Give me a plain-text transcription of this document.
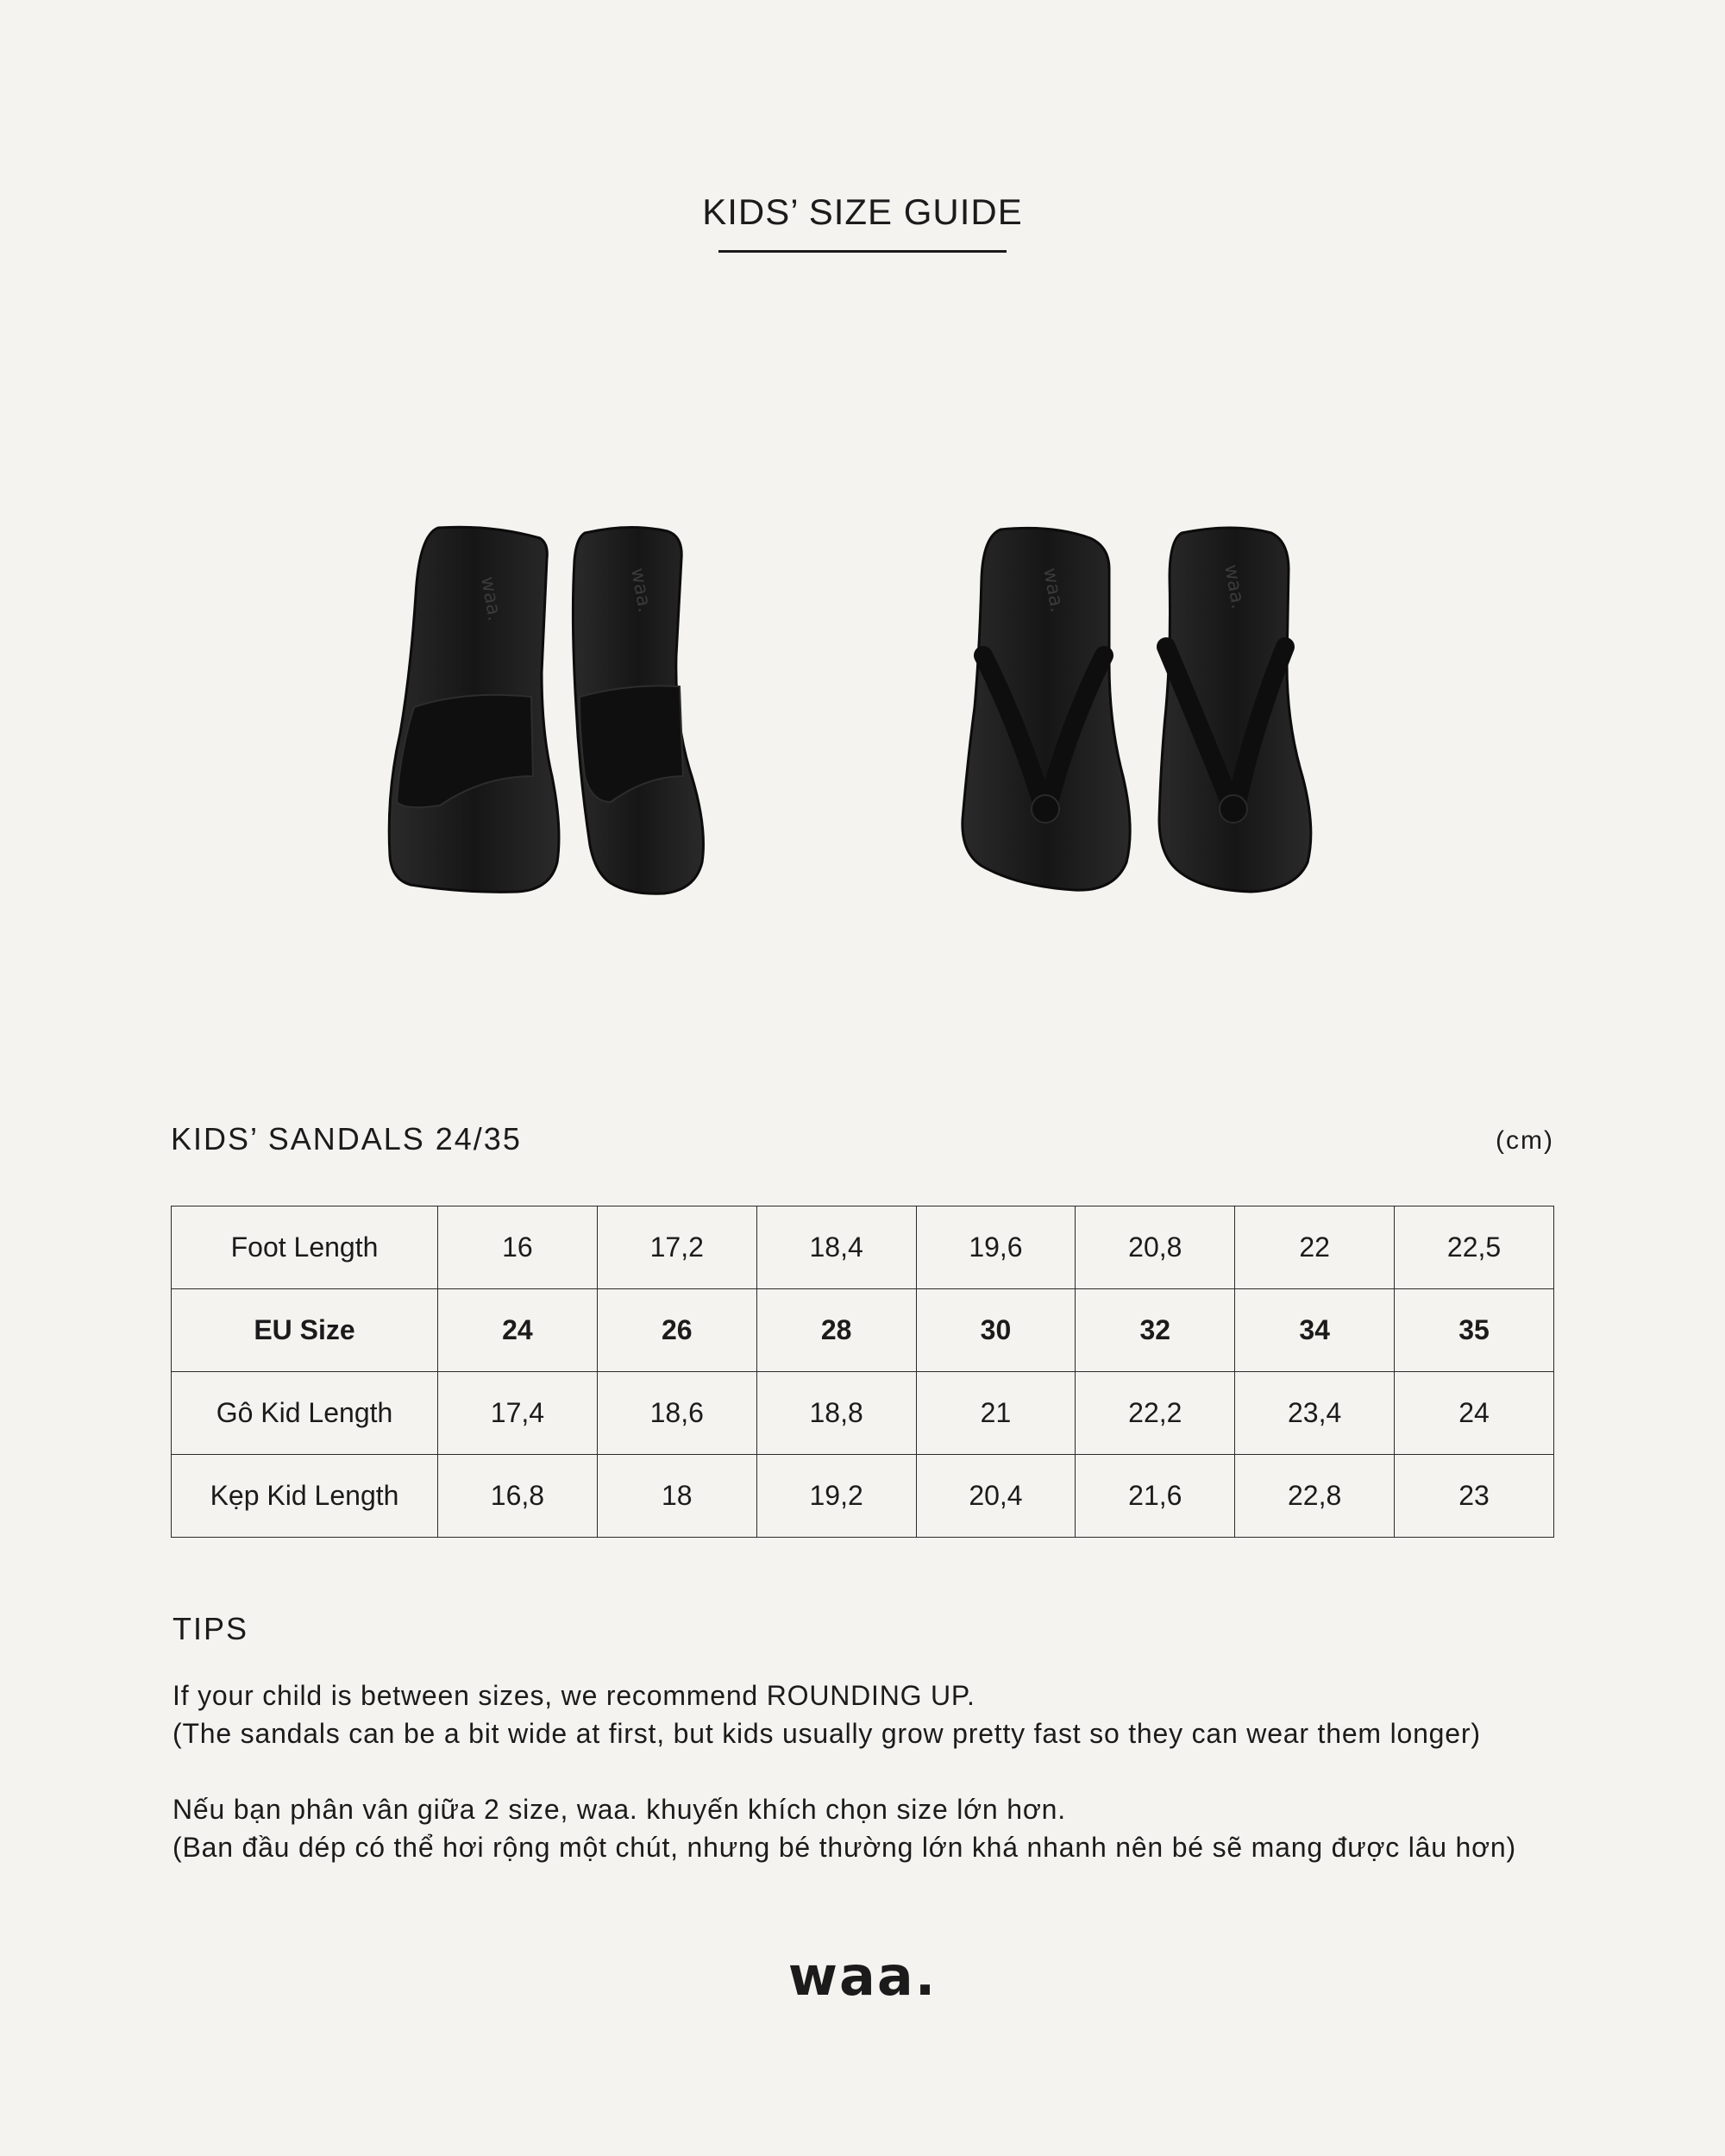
KIDS’ SIZE GUIDE
waa.	waa.	waa.	waa.
KIDS’ SANDALS 24/35	(cm)
Foot Length	16	17,2	18,4	19,6	20,8	22	22,5
EU Size	24	26	28	30	32	34	35
Gô Kid Length	17,4	18,6	18,8	21	22,2	23,4	24
Kẹp Kid Length	16,8	18	19,2	20,4	21,6	22,8	23
TIPS

If your child is between sizes, we recommend ROUNDING UP.

(The sandals can be a bit wide at first, but kids usually grow pretty fast so they can wear them longer)

Nếu bạn phân vân giữa 2 size, waa. khuyến khích chọn size lớn hơn.

(Ban đầu dép có thể hơi rộng một chút, nhưng bé thường lớn khá nhanh nên bé sẽ mang được lâu hơn)

waa.
